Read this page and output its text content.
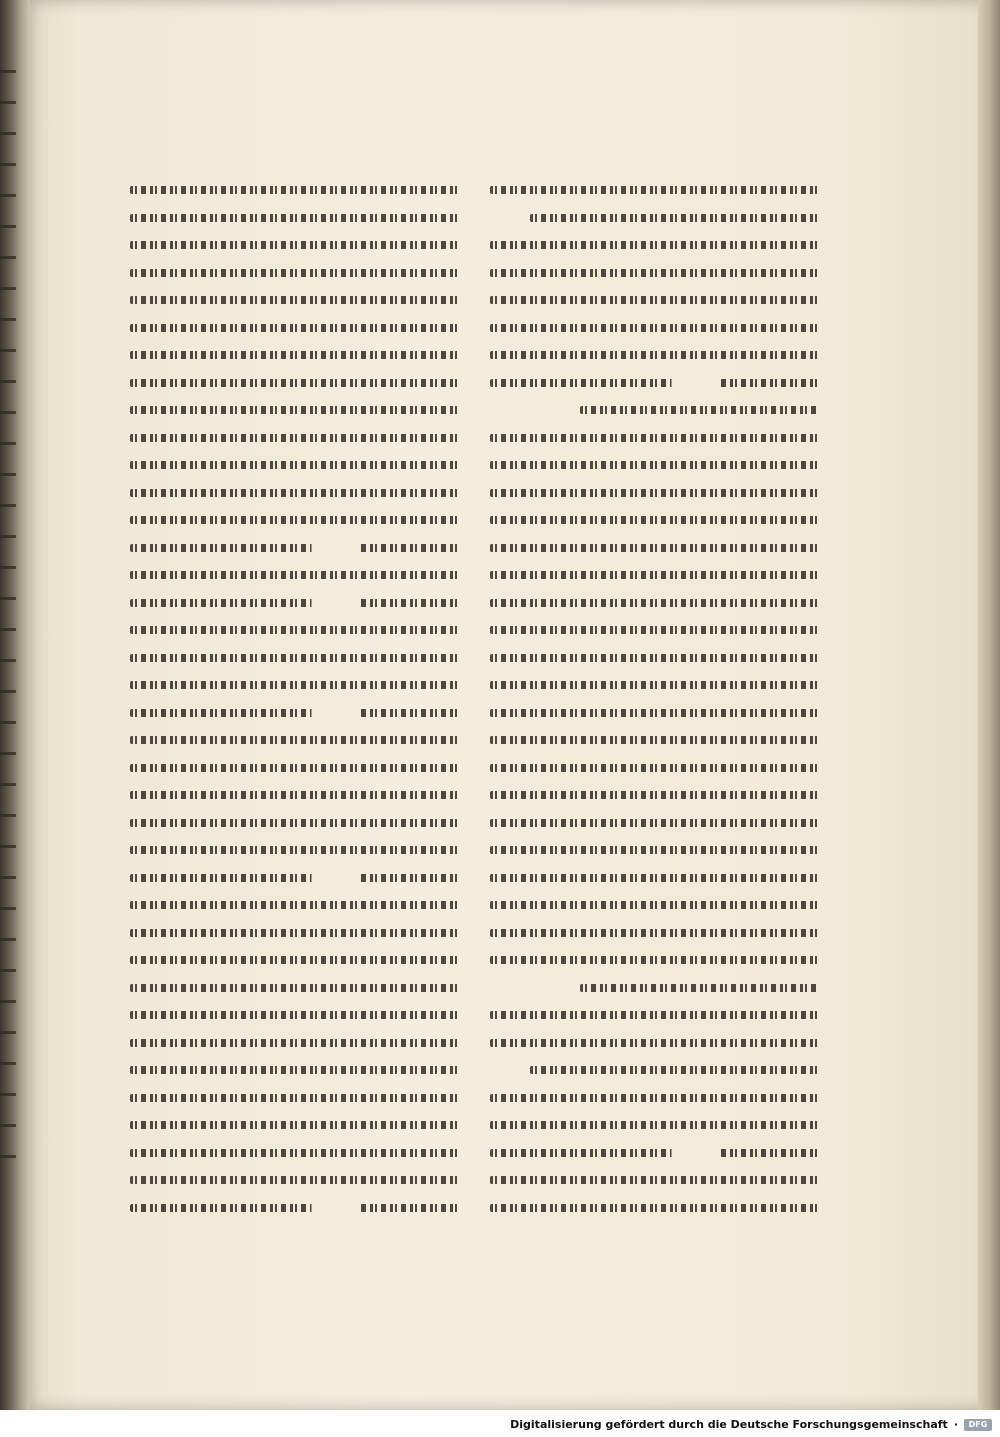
Digitalisierung gefördert durch die Deutsche Forschungsgemeinschaft ·	DFG
